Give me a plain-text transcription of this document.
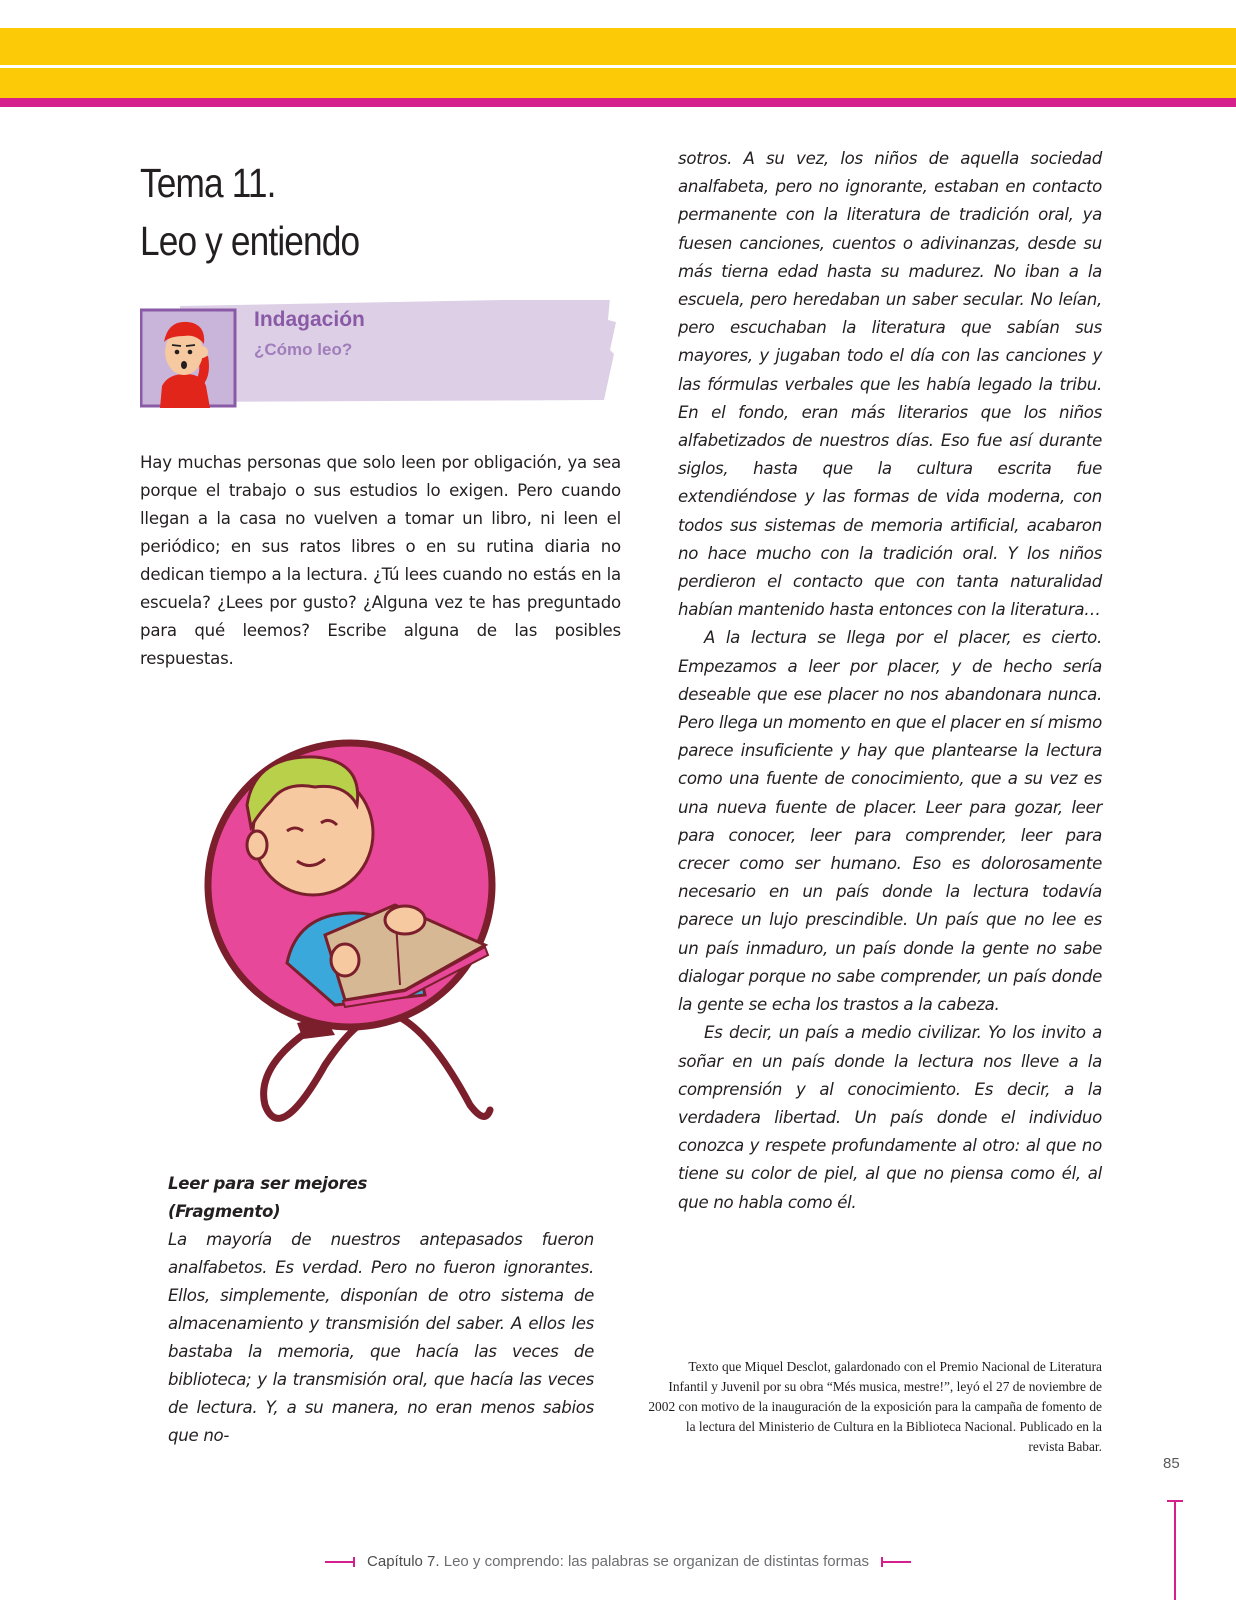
Tema 11.
Leo y entiendo
Indagación
¿Cómo leo?

Hay muchas personas que solo leen por obligación, ya sea porque el trabajo o sus estudios lo exigen. Pero cuando llegan a la casa no vuelven a tomar un libro, ni leen el periódico; en sus ratos libres o en su rutina diaria no dedican tiempo a la lectura. ¿Tú lees cuando no estás en la escuela? ¿Lees por gusto? ¿Alguna vez te has preguntado para qué leemos? Escribe alguna de las posibles respuestas.

Leer para ser mejores

(Fragmento)

La mayoría de nuestros antepasados fueron analfabetos. Es verdad. Pero no fueron ignorantes. Ellos, simplemente, disponían de otro sistema de almacenamiento y transmisión del saber. A ellos les bastaba la memoria, que hacía las veces de biblioteca; y la transmisión oral, que hacía las veces de lectura. Y, a su manera, no eran menos sabios que no-

sotros. A su vez, los niños de aquella sociedad analfabeta, pero no ignorante, estaban en contacto permanente con la literatura de tradición oral, ya fuesen canciones, cuentos o adivinanzas, desde su más tierna edad hasta su madurez. No iban a la escuela, pero heredaban un saber secular. No leían, pero escuchaban la literatura que sabían sus mayores, y jugaban todo el día con las canciones y las fórmulas verbales que les había legado la tribu. En el fondo, eran más literarios que los niños alfabetizados de nuestros días. Eso fue así durante siglos, hasta que la cultura escrita fue extendiéndose y las formas de vida moderna, con todos sus sistemas de memoria artificial, acabaron no hace mucho con la tradición oral. Y los niños perdieron el contacto que con tanta naturalidad habían mantenido hasta entonces con la literatura…

A la lectura se llega por el placer, es cierto. Empezamos a leer por placer, y de hecho sería deseable que ese placer no nos abandonara nunca. Pero llega un momento en que el placer en sí mismo parece insuficiente y hay que plantearse la lectura como una fuente de conocimiento, que a su vez es una nueva fuente de placer. Leer para gozar, leer para conocer, leer para comprender, leer para crecer como ser humano. Eso es dolorosamente necesario en un país donde la lectura todavía parece un lujo prescindible. Un país que no lee es un país inmaduro, un país donde la gente no sabe dialogar porque no sabe comprender, un país donde la gente se echa los trastos a la cabeza.

Es decir, un país a medio civilizar. Yo los invito a soñar en un país donde la lectura nos lleve a la comprensión y al conocimiento. Es decir, a la verdadera libertad. Un país donde el individuo conozca y respete profundamente al otro: al que no tiene su color de piel, al que no piensa como él, al que no habla como él.

Texto que Miquel Desclot, galardonado con el Premio Nacional de Literatura Infantil y Juvenil por su obra “Més musica, mestre!”, leyó el 27 de noviembre de 2002 con motivo de la inauguración de la exposición para la campaña de fomento de la lectura del Ministerio de Cultura en la Biblioteca Nacional. Publicado en la revista Babar.

85
Capítulo 7. Leo y comprendo: las palabras se organizan de distintas formas
